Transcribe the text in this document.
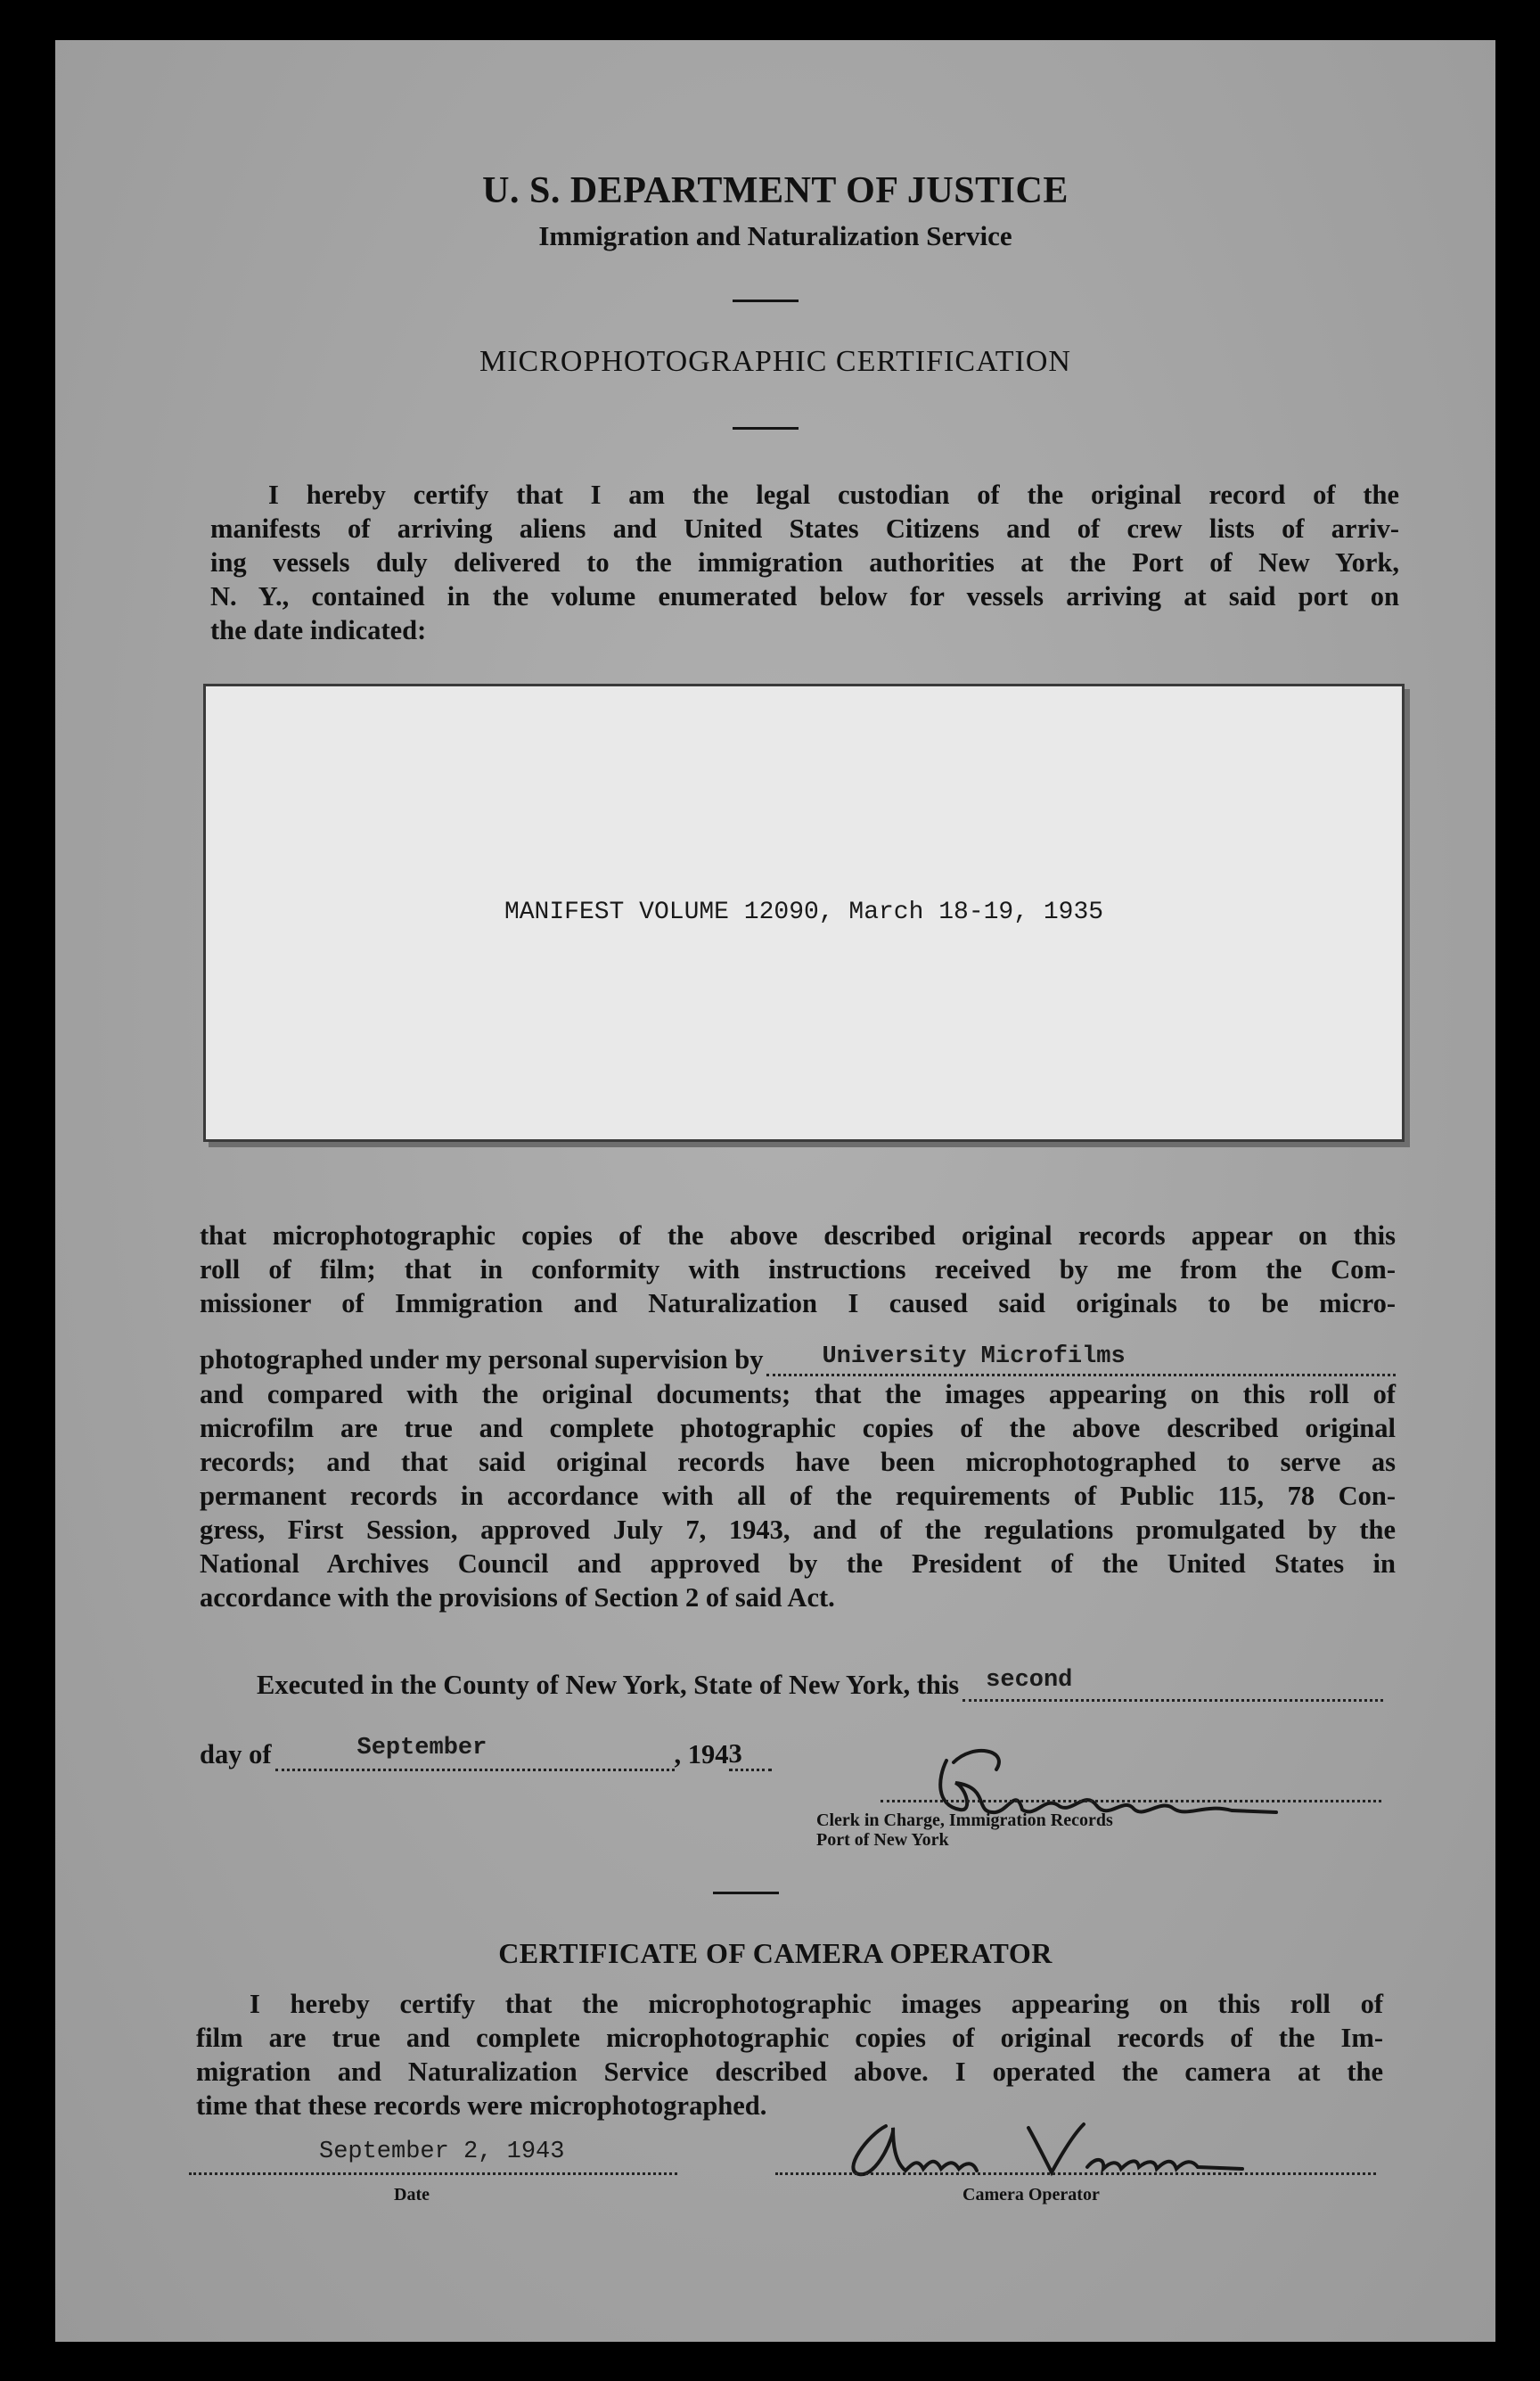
U. S. DEPARTMENT OF JUSTICE
Immigration and Naturalization Service
MICROPHOTOGRAPHIC CERTIFICATION
I hereby certify that I am the legal custodian of the original record of the
manifests of arriving aliens and United States Citizens and of crew lists of arriv-
ing vessels duly delivered to the immigration authorities at the Port of New York,
N. Y., contained in the volume enumerated below for vessels arriving at said port on
the date indicated:
MANIFEST VOLUME 12090, March 18-19, 1935
that microphotographic copies of the above described original records appear on this
roll of film; that in conformity with instructions received by me from the Com-
missioner of Immigration and Naturalization I caused said originals to be micro-
photographed under my personal supervision by University Microfilms
and compared with the original documents; that the images appearing on this roll of
microfilm are true and complete photographic copies of the above described original
records; and that said original records have been microphotographed to serve as
permanent records in accordance with all of the requirements of Public 115, 78 Con-
gress, First Session, approved July 7, 1943, and of the regulations promulgated by the
National Archives Council and approved by the President of the United States in
accordance with the provisions of Section 2 of said Act.
Executed in the County of New York, State of New York, this second
day of	September	, 194 3
Clerk in Charge, Immigration Records
Port of New York
CERTIFICATE OF CAMERA OPERATOR
I hereby certify that the microphotographic images appearing on this roll of
film are true and complete microphotographic copies of original records of the Im-
migration and Naturalization Service described above. I operated the camera at the
time that these records were microphotographed.
September 2, 1943
Date	Camera Operator
